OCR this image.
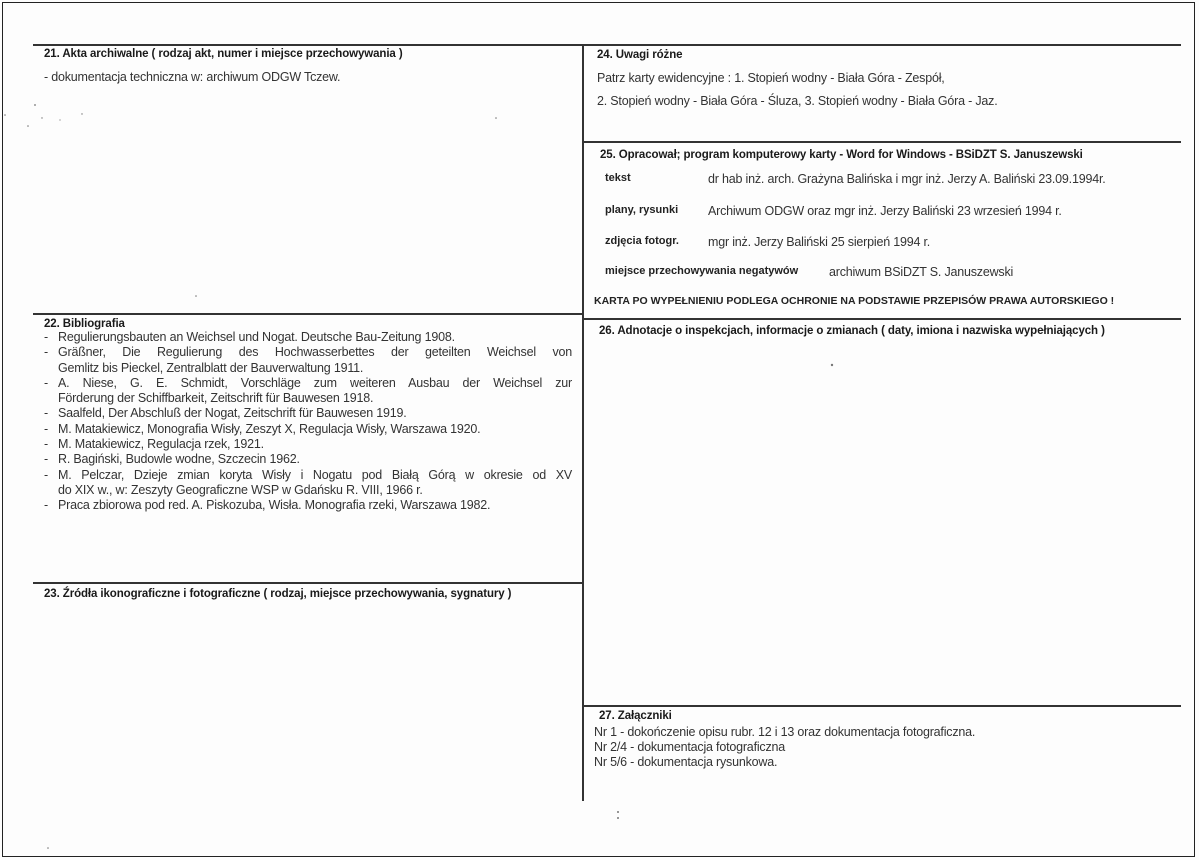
21. Akta archiwalne ( rodzaj akt, numer i miejsce przechowywania )
- dokumentacja techniczna w: archiwum ODGW Tczew.
22. Bibliografia
- Regulierungsbauten an Weichsel und Nogat. Deutsche Bau-Zeitung 1908.
- Gräßner, Die Regulierung des Hochwasserbettes der geteilten Weichsel von
Gemlitz bis Pieckel, Zentralblatt der Bauverwaltung 1911.
- A. Niese, G. E. Schmidt, Vorschläge zum weiteren Ausbau der Weichsel zur
Förderung der Schiffbarkeit, Zeitschrift für Bauwesen 1918.
- Saalfeld, Der Abschluß der Nogat, Zeitschrift für Bauwesen 1919.
- M. Matakiewicz, Monografia Wisły, Zeszyt X, Regulacja Wisły, Warszawa 1920.
- M. Matakiewicz, Regulacja rzek, 1921.
- R. Bagiński, Budowle wodne, Szczecin 1962.
- M. Pelczar, Dzieje zmian koryta Wisły i Nogatu pod Białą Górą w okresie od XV
do XIX w., w: Zeszyty Geograficzne WSP w Gdańsku R. VIII, 1966 r.
- Praca zbiorowa pod red. A. Piskozuba, Wisła. Monografia rzeki, Warszawa 1982.
23. Źródła ikonograficzne i fotograficzne ( rodzaj, miejsce przechowywania, sygnatury )
24. Uwagi różne
Patrz karty ewidencyjne : 1. Stopień wodny - Biała Góra - Zespół,
2. Stopień wodny - Biała Góra - Śluza, 3. Stopień wodny - Biała Góra - Jaz.
25. Opracował; program komputerowy karty - Word for Windows - BSiDZT S. Januszewski
tekst	dr hab inż. arch. Grażyna Balińska i mgr inż. Jerzy A. Baliński 23.09.1994r.
plany, rysunki Archiwum ODGW oraz mgr inż. Jerzy Baliński 23 wrzesień 1994 r.
zdjęcia fotogr. mgr inż. Jerzy Baliński 25 sierpień 1994 r.
miejsce przechowywania negatywów archiwum BSiDZT S. Januszewski
KARTA PO WYPEŁNIENIU PODLEGA OCHRONIE NA PODSTAWIE PRZEPISÓW PRAWA AUTORSKIEGO !
26. Adnotacje o inspekcjach, informacje o zmianach ( daty, imiona i nazwiska wypełniających )
27. Załączniki
Nr 1 - dokończenie opisu rubr. 12 i 13 oraz dokumentacja fotograficzna.
Nr 2/4 - dokumentacja fotograficzna
Nr 5/6 - dokumentacja rysunkowa.
